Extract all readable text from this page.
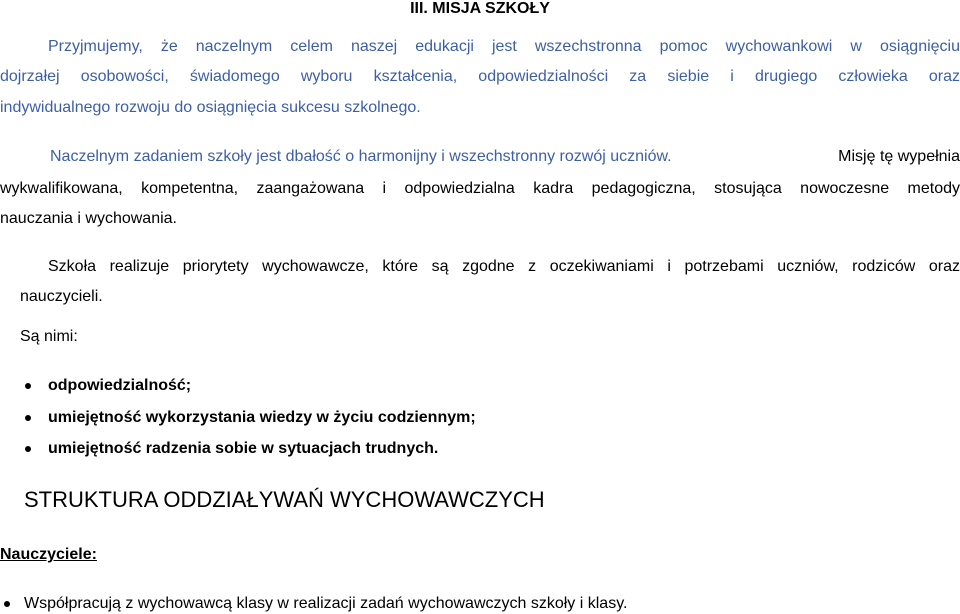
III. MISJA SZKOŁY
Przyjmujemy, że naczelnym celem naszej edukacji jest wszechstronna pomoc wychowankowi w osiągnięciu
dojrzałej osobowości, świadomego wyboru kształcenia, odpowiedzialności za siebie i drugiego człowieka oraz
indywidualnego rozwoju do osiągnięcia sukcesu szkolnego.
Naczelnym zadaniem szkoły jest dbałość o harmonijny i wszechstronny rozwój uczniów.	Misję tę wypełnia
wykwalifikowana, kompetentna, zaangażowana i odpowiedzialna kadra pedagogiczna, stosująca nowoczesne metody
nauczania i wychowania.
Szkoła realizuje priorytety wychowawcze, które są zgodne z oczekiwaniami i potrzebami uczniów, rodziców oraz
nauczycieli.
Są nimi:
odpowiedzialność;
umiejętność wykorzystania wiedzy w życiu codziennym;
umiejętność radzenia sobie w sytuacjach trudnych.
STRUKTURA ODDZIAŁYWAŃ WYCHOWAWCZYCH
Nauczyciele:
Współpracują z wychowawcą klasy w realizacji zadań wychowawczych szkoły i klasy.
